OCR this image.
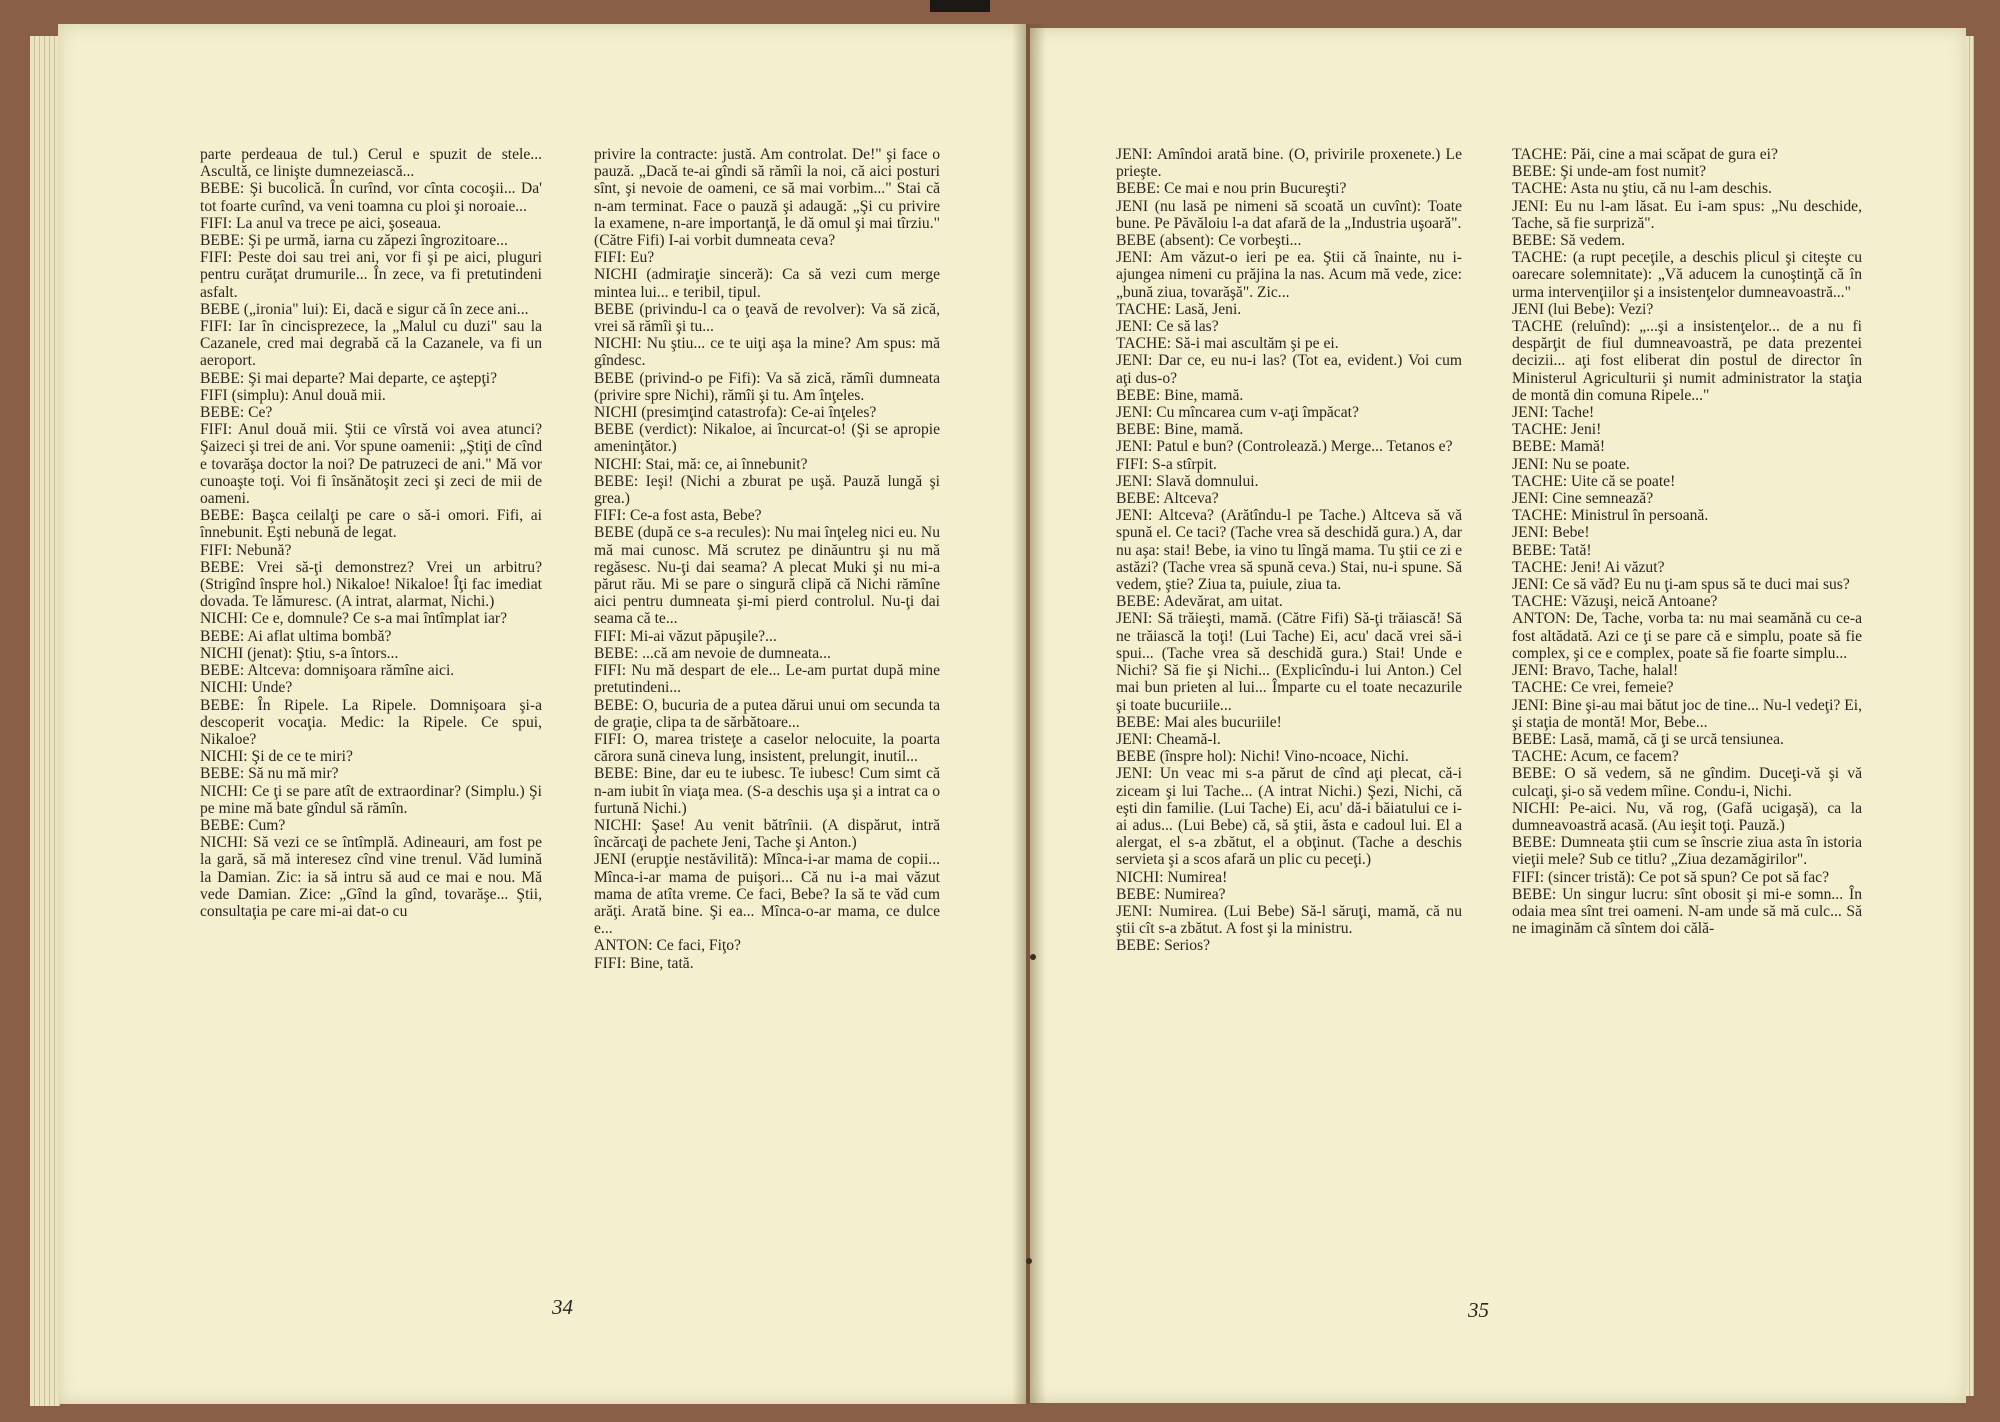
parte perdeaua de tul.) Cerul e spuzit de stele... Ascultă, ce linişte dumnezeiască...
BEBE: Şi bucolică. În curînd, vor cînta cocoşii... Da' tot foarte curînd, va veni toamna cu ploi şi noroaie...
FIFI: La anul va trece pe aici, şoseaua.
BEBE: Şi pe urmă, iarna cu zăpezi îngrozitoare...
FIFI: Peste doi sau trei ani, vor fi şi pe aici, pluguri pentru curăţat drumurile... În zece, va fi pretutindeni asfalt.
BEBE („ironia" lui): Ei, dacă e sigur că în zece ani...
FIFI: Iar în cincisprezece, la „Malul cu duzi" sau la Cazanele, cred mai degrabă că la Cazanele, va fi un aeroport.
BEBE: Şi mai departe? Mai departe, ce aştepţi?
FIFI (simplu): Anul două mii.
BEBE: Ce?
FIFI: Anul două mii. Ştii ce vîrstă voi avea atunci? Şaizeci şi trei de ani. Vor spune oamenii: „Ştiţi de cînd e tovarăşa doctor la noi? De patruzeci de ani." Mă vor cunoaşte toţi. Voi fi însănătoşit zeci şi zeci de mii de oameni.
BEBE: Başca ceilalţi pe care o să-i omori. Fifi, ai înnebunit. Eşti nebună de legat.
FIFI: Nebună?
BEBE: Vrei să-ţi demonstrez? Vrei un arbitru? (Strigînd înspre hol.) Nikaloe! Nikaloe! Îţi fac imediat dovada. Te lămuresc. (A intrat, alarmat, Nichi.)
NICHI: Ce e, domnule? Ce s-a mai întîmplat iar?
BEBE: Ai aflat ultima bombă?
NICHI (jenat): Ştiu, s-a întors...
BEBE: Altceva: domnişoara rămîne aici.
NICHI: Unde?
BEBE: În Ripele. La Ripele. Domnişoara şi-a descoperit vocaţia. Medic: la Ripele. Ce spui, Nikaloe?
NICHI: Şi de ce te miri?
BEBE: Să nu mă mir?
NICHI: Ce ţi se pare atît de extraordinar? (Simplu.) Şi pe mine mă bate gîndul să rămîn.
BEBE: Cum?
NICHI: Să vezi ce se întîmplă. Adineauri, am fost pe la gară, să mă interesez cînd vine trenul. Văd lumină la Damian. Zic: ia să intru să aud ce mai e nou. Mă vede Damian. Zice: „Gînd la gînd, tovarăşe... Ştii, consultaţia pe care mi-ai dat-o cu
privire la contracte: justă. Am controlat. De!" şi face o pauză. „Dacă te-ai gîndi să rămîi la noi, că aici posturi sînt, şi nevoie de oameni, ce să mai vorbim..." Stai că n-am terminat. Face o pauză şi adaugă: „Şi cu privire la examene, n-are importanţă, le dă omul şi mai tîrziu." (Către Fifi) I-ai vorbit dumneata ceva?
FIFI: Eu?
NICHI (admiraţie sinceră): Ca să vezi cum merge mintea lui... e teribil, tipul.
BEBE (privindu-l ca o ţeavă de revolver): Va să zică, vrei să rămîi şi tu...
NICHI: Nu ştiu... ce te uiţi aşa la mine? Am spus: mă gîndesc.
BEBE (privind-o pe Fifi): Va să zică, rămîi dumneata (privire spre Nichi), rămîi şi tu. Am înţeles.
NICHI (presimţind catastrofa): Ce-ai înţeles?
BEBE (verdict): Nikaloe, ai încurcat-o! (Şi se apropie ameninţător.)
NICHI: Stai, mă: ce, ai înnebunit?
BEBE: Ieşi! (Nichi a zburat pe uşă. Pauză lungă şi grea.)
FIFI: Ce-a fost asta, Bebe?
BEBE (după ce s-a recules): Nu mai înţeleg nici eu. Nu mă mai cunosc. Mă scrutez pe dinăuntru şi nu mă regăsesc. Nu-ţi dai seama? A plecat Muki şi nu mi-a părut rău. Mi se pare o singură clipă că Nichi rămîne aici pentru dumneata şi-mi pierd controlul. Nu-ţi dai seama că te...
FIFI: Mi-ai văzut păpuşile?...
BEBE: ...că am nevoie de dumneata...
FIFI: Nu mă despart de ele... Le-am purtat după mine pretutindeni...
BEBE: O, bucuria de a putea dărui unui om secunda ta de graţie, clipa ta de sărbătoare...
FIFI: O, marea tristeţe a caselor nelocuite, la poarta cărora sună cineva lung, insistent, prelungit, inutil...
BEBE: Bine, dar eu te iubesc. Te iubesc! Cum simt că n-am iubit în viaţa mea. (S-a deschis uşa şi a intrat ca o furtună Nichi.)
NICHI: Şase! Au venit bătrînii. (A dispărut, intră încărcaţi de pachete Jeni, Tache şi Anton.)
JENI (erupţie nestăvilită): Mînca-i-ar mama de copii... Mînca-i-ar mama de puişori... Că nu i-a mai văzut mama de atîta vreme. Ce faci, Bebe? Ia să te văd cum arăţi. Arată bine. Şi ea... Mînca-o-ar mama, ce dulce e...
ANTON: Ce faci, Fiţo?
FIFI: Bine, tată.
JENI: Amîndoi arată bine. (O, privirile proxenete.) Le prieşte.
BEBE: Ce mai e nou prin Bucureşti?
JENI (nu lasă pe nimeni să scoată un cuvînt): Toate bune. Pe Păvăloiu l-a dat afară de la „Industria uşoară".
BEBE (absent): Ce vorbeşti...
JENI: Am văzut-o ieri pe ea. Ştii că înainte, nu i-ajungea nimeni cu prăjina la nas. Acum mă vede, zice: „bună ziua, tovarăşă". Zic...
TACHE: Lasă, Jeni.
JENI: Ce să las?
TACHE: Să-i mai ascultăm şi pe ei.
JENI: Dar ce, eu nu-i las? (Tot ea, evident.) Voi cum aţi dus-o?
BEBE: Bine, mamă.
JENI: Cu mîncarea cum v-aţi împăcat?
BEBE: Bine, mamă.
JENI: Patul e bun? (Controlează.) Merge... Tetanos e?
FIFI: S-a stîrpit.
JENI: Slavă domnului.
BEBE: Altceva?
JENI: Altceva? (Arătîndu-l pe Tache.) Altceva să vă spună el. Ce taci? (Tache vrea să deschidă gura.) A, dar nu aşa: stai! Bebe, ia vino tu lîngă mama. Tu ştii ce zi e astăzi? (Tache vrea să spună ceva.) Stai, nu-i spune. Să vedem, ştie? Ziua ta, puiule, ziua ta.
BEBE: Adevărat, am uitat.
JENI: Să trăieşti, mamă. (Către Fifi) Să-ţi trăiască! Să ne trăiască la toţi! (Lui Tache) Ei, acu' dacă vrei să-i spui... (Tache vrea să deschidă gura.) Stai! Unde e Nichi? Să fie şi Nichi... (Explicîndu-i lui Anton.) Cel mai bun prieten al lui... Împarte cu el toate necazurile şi toate bucuriile...
BEBE: Mai ales bucuriile!
JENI: Cheamă-l.
BEBE (înspre hol): Nichi! Vino-ncoace, Nichi.
JENI: Un veac mi s-a părut de cînd aţi plecat, că-i ziceam şi lui Tache... (A intrat Nichi.) Şezi, Nichi, că eşti din familie. (Lui Tache) Ei, acu' dă-i băiatului ce i-ai adus... (Lui Bebe) că, să ştii, ăsta e cadoul lui. El a alergat, el s-a zbătut, el a obţinut. (Tache a deschis servieta şi a scos afară un plic cu peceţi.)
NICHI: Numirea!
BEBE: Numirea?
JENI: Numirea. (Lui Bebe) Să-l săruţi, mamă, că nu ştii cît s-a zbătut. A fost şi la ministru.
BEBE: Serios?
TACHE: Păi, cine a mai scăpat de gura ei?
BEBE: Şi unde-am fost numit?
TACHE: Asta nu ştiu, că nu l-am deschis.
JENI: Eu nu l-am lăsat. Eu i-am spus: „Nu deschide, Tache, să fie surpriză".
BEBE: Să vedem.
TACHE: (a rupt peceţile, a deschis plicul şi citeşte cu oarecare solemnitate): „Vă aducem la cunoştinţă că în urma intervenţiilor şi a insistenţelor dumneavoastră..."
JENI (lui Bebe): Vezi?
TACHE (reluînd): „...şi a insistenţelor... de a nu fi despărţit de fiul dumneavoastră, pe data prezentei decizii... aţi fost eliberat din postul de director în Ministerul Agriculturii şi numit administrator la staţia de montă din comuna Ripele..."
JENI: Tache!
TACHE: Jeni!
BEBE: Mamă!
JENI: Nu se poate.
TACHE: Uite că se poate!
JENI: Cine semnează?
TACHE: Ministrul în persoană.
JENI: Bebe!
BEBE: Tată!
TACHE: Jeni! Ai văzut?
JENI: Ce să văd? Eu nu ţi-am spus să te duci mai sus?
TACHE: Văzuşi, neică Antoane?
ANTON: De, Tache, vorba ta: nu mai seamănă cu ce-a fost altădată. Azi ce ţi se pare că e simplu, poate să fie complex, şi ce e complex, poate să fie foarte simplu...
JENI: Bravo, Tache, halal!
TACHE: Ce vrei, femeie?
JENI: Bine şi-au mai bătut joc de tine... Nu-l vedeţi? Ei, şi staţia de montă! Mor, Bebe...
BEBE: Lasă, mamă, că ţi se urcă tensiunea.
TACHE: Acum, ce facem?
BEBE: O să vedem, să ne gîndim. Duceţi-vă şi vă culcaţi, şi-o să vedem mîine. Condu-i, Nichi.
NICHI: Pe-aici. Nu, vă rog, (Gafă ucigaşă), ca la dumneavoastră acasă. (Au ieşit toţi. Pauză.)
BEBE: Dumneata ştii cum se înscrie ziua asta în istoria vieţii mele? Sub ce titlu? „Ziua dezamăgirilor".
FIFI: (sincer tristă): Ce pot să spun? Ce pot să fac?
BEBE: Un singur lucru: sînt obosit şi mi-e somn... În odaia mea sînt trei oameni. N-am unde să mă culc... Să ne imaginăm că sîntem doi călă-
34	35
